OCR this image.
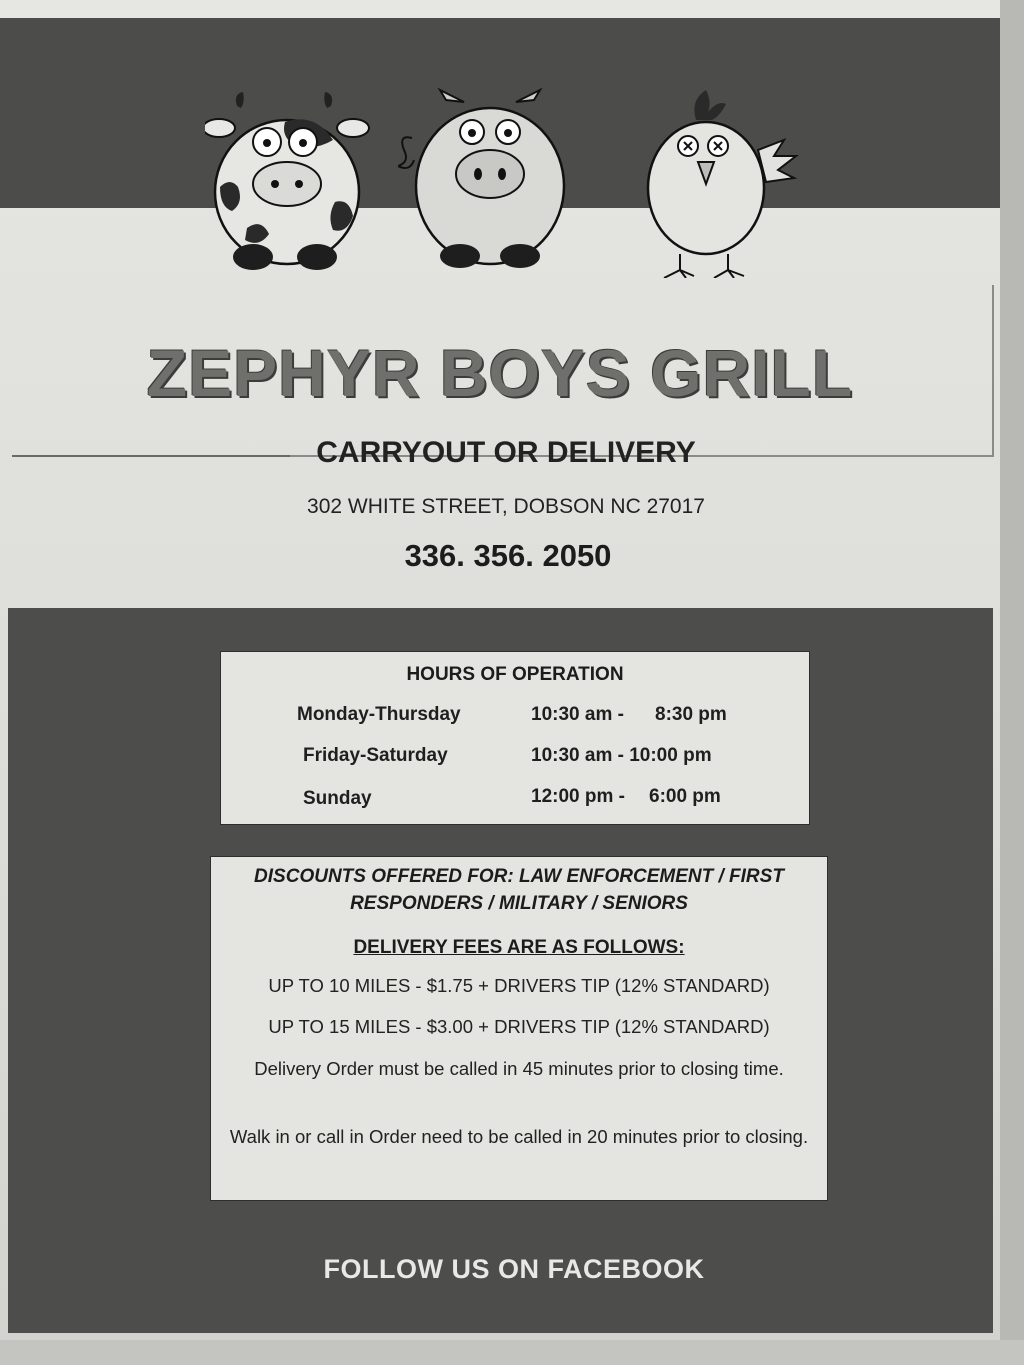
ZEPHYR BOYS GRILL
CARRYOUT OR DELIVERY
302 WHITE STREET, DOBSON NC 27017
336. 356. 2050
HOURS OF OPERATION
Monday-Thursday	10:30 am - 8:30 pm
Friday-Saturday	10:30 am - 10:00 pm
Sunday	12:00 pm - 6:00 pm
DISCOUNTS OFFERED FOR: LAW ENFORCEMENT / FIRST
RESPONDERS / MILITARY / SENIORS
DELIVERY FEES ARE AS FOLLOWS:
UP TO 10 MILES - $1.75 + DRIVERS TIP (12% STANDARD)
UP TO 15 MILES - $3.00 + DRIVERS TIP (12% STANDARD)
Delivery Order must be called in 45 minutes prior to closing time.
Walk in or call in Order need to be called in 20 minutes prior to closing.
FOLLOW US ON FACEBOOK
